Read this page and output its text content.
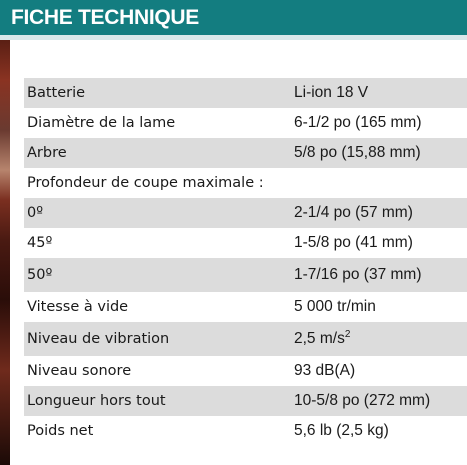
FICHE TECHNIQUE
Batterie	Li-ion 18 V
Diamètre de la lame	6-1/2 po (165 mm)
Arbre	5/8 po (15,88 mm)
Profondeur de coupe maximale :	
0º	2-1/4 po (57 mm)
45º	1-5/8 po (41 mm)
50º	1-7/16 po (37 mm)
Vitesse à vide	5 000 tr/min
Niveau de vibration	2,5 $m/s^2$
Niveau sonore	93 dB(A)
Longueur hors tout	10-5/8 po (272 mm)
Poids net	5,6 lb (2,5 kg)
